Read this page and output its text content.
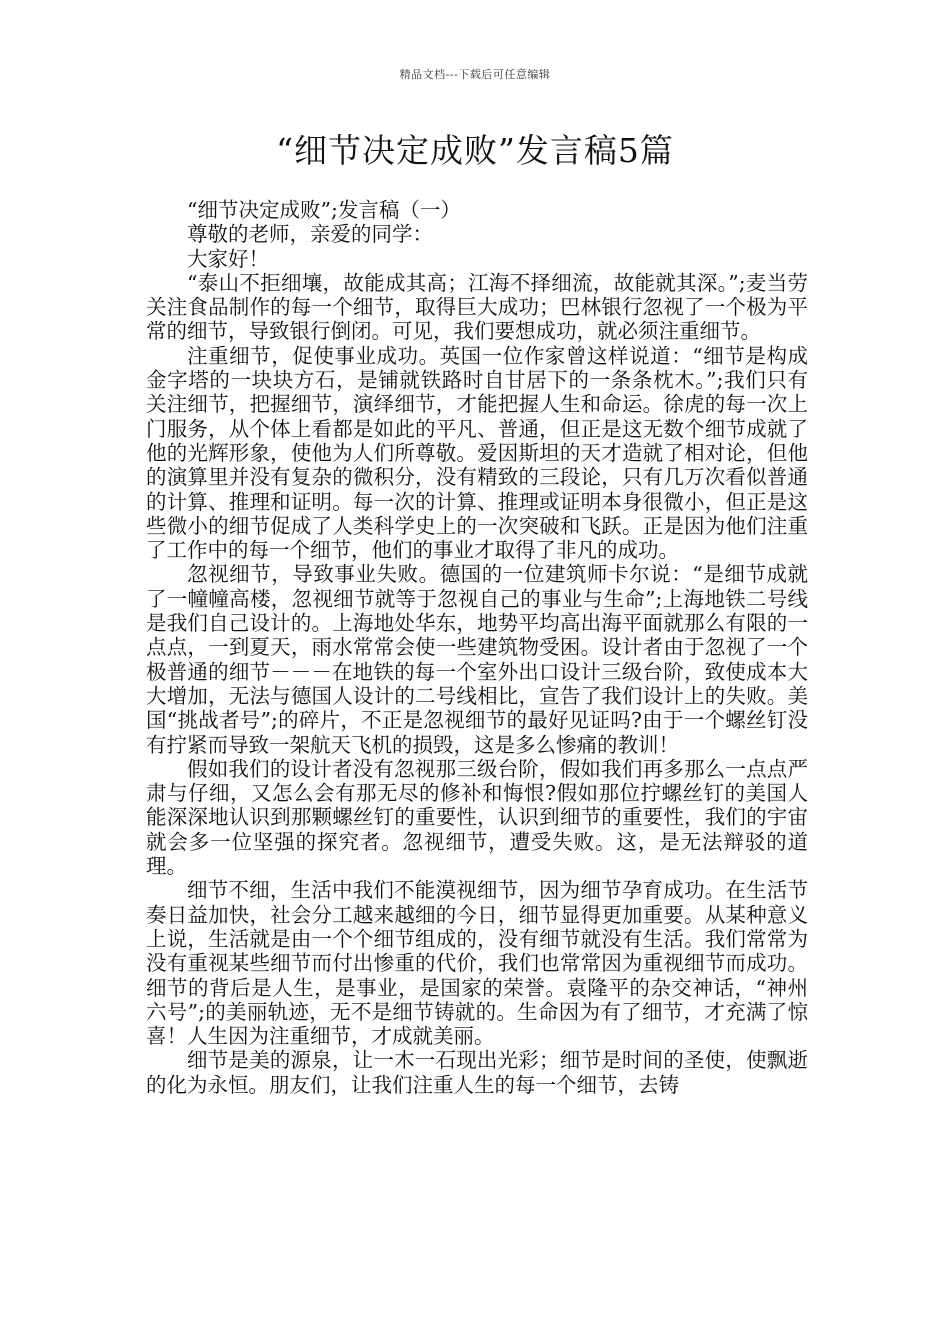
精品文档---下载后可任意编辑
“细节决定成败”发言稿5篇

“细节决定成败”;发言稿（一）

尊敬的老师，亲爱的同学：

大家好！

“泰山不拒细壤，故能成其高；江海不择细流，故能就其深。”;麦当劳关注食品制作的每一个细节，取得巨大成功；巴林银行忽视了一个极为平常的细节，导致银行倒闭。可见，我们要想成功，就必须注重细节。

注重细节，促使事业成功。英国一位作家曾这样说道：“细节是构成金字塔的一块块方石，是铺就铁路时自甘居下的一条条枕木。”;我们只有关注细节，把握细节，演绎细节，才能把握人生和命运。徐虎的每一次上门服务，从个体上看都是如此的平凡、普通，但正是这无数个细节成就了他的光辉形象，使他为人们所尊敬。爱因斯坦的天才造就了相对论，但他的演算里并没有复杂的微积分，没有精致的三段论，只有几万次看似普通的计算、推理和证明。每一次的计算、推理或证明本身很微小，但正是这些微小的细节促成了人类科学史上的一次突破和飞跃。正是因为他们注重了工作中的每一个细节，他们的事业才取得了非凡的成功。

忽视细节，导致事业失败。德国的一位建筑师卡尔说：“是细节成就了一幢幢高楼，忽视细节就等于忽视自己的事业与生命”;上海地铁二号线是我们自己设计的。上海地处华东，地势平均高出海平面就那么有限的一点点，一到夏天，雨水常常会使一些建筑物受困。设计者由于忽视了一个极普通的细节－－－在地铁的每一个室外出口设计三级台阶，致使成本大大增加，无法与德国人设计的二号线相比，宣告了我们设计上的失败。美国“挑战者号”;的碎片，不正是忽视细节的最好见证吗?由于一个螺丝钉没有拧紧而导致一架航天飞机的损毁，这是多么惨痛的教训！

假如我们的设计者没有忽视那三级台阶，假如我们再多那么一点点严肃与仔细，又怎么会有那无尽的修补和悔恨?假如那位拧螺丝钉的美国人能深深地认识到那颗螺丝钉的重要性，认识到细节的重要性，我们的宇宙就会多一位坚强的探究者。忽视细节，遭受失败。这，是无法辩驳的道理。

细节不细，生活中我们不能漠视细节，因为细节孕育成功。在生活节奏日益加快，社会分工越来越细的今日，细节显得更加重要。从某种意义上说，生活就是由一个个细节组成的，没有细节就没有生活。我们常常为没有重视某些细节而付出惨重的代价，我们也常常因为重视细节而成功。细节的背后是人生，是事业，是国家的荣誉。袁隆平的杂交神话，“神州六号”;的美丽轨迹，无不是细节铸就的。生命因为有了细节，才充满了惊喜！人生因为注重细节，才成就美丽。

细节是美的源泉，让一木一石现出光彩；细节是时间的圣使，使飘逝的化为永恒。朋友们，让我们注重人生的每一个细节，去铸
